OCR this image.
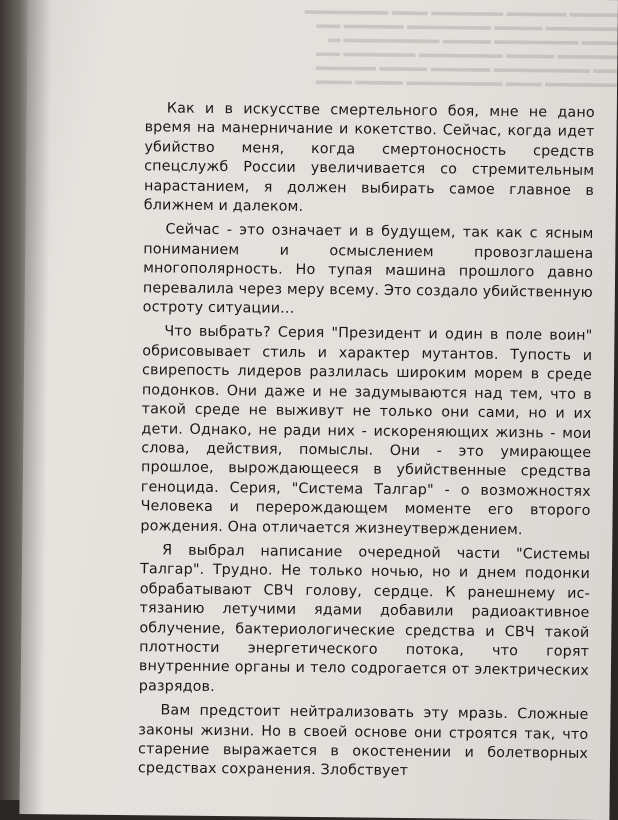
▬▬▬▬ ▬▬▬▬▬ ▬▬▬▬▬▬ ▬▬▬ ▬▬▬▬▬▬▬
▬▬▬▬▬▬ ▬▬▬▬ ▬▬▬▬▬▬▬ ▬▬▬▬▬ ▬▬
▬▬▬ ▬▬▬▬▬▬▬ ▬▬▬▬ ▬▬▬▬▬▬▬▬ ▬
▬▬▬▬▬ ▬▬▬▬ ▬▬▬▬▬▬▬ ▬▬▬▬▬▬ ▬▬
▬▬ ▬▬▬▬▬▬▬▬ ▬▬▬▬▬ ▬▬▬▬ ▬▬▬▬▬
▬▬▬▬▬▬ ▬▬▬ ▬▬▬▬▬▬▬▬ ▬▬▬▬ ▬▬▬

Как и в искусстве смертельного боя, мне не дано время на манерничание и кокетство. Сейчас, когда идет убийство меня, когда смертоносность средств спецслужб России увеличивается со стремительным нарастанием, я должен выбирать самое главное в ближнем и далеком.

Сейчас - это означает и в будущем, так как с ясным пониманием и осмыслением провозглашена многополярность. Но тупая машина прошлого давно перевалила через меру всему. Это создало убийственную остроту ситуации...

Что выбрать? Серия "Президент и один в поле воин" обрисовывает стиль и характер мутантов. Тупость и свирепость лидеров разлилась широким морем в среде подонков. Они даже и не задумываются над тем, что в такой среде не выживут не только они сами, но и их дети. Однако, не ради них - искореняющих жизнь - мои слова, действия, помыслы. Они - это умирающее прошлое, вырождающееся в убийственные средства геноцида. Серия, "Система Талгар" - о возможностях Человека и перерождающем моменте его второго рождения. Она отличается жизнеутверждением.

Я выбрал написание очередной части "Системы Талгар". Трудно. Не только ночью, но и днем подонки обрабатывают СВЧ голову, сердце. К ранешнему истязанию летучими ядами добавили радиоактивное облучение, бактериологические средства и СВЧ такой плотности энергетического потока, что горят внутренние органы и тело содрогается от электрических разрядов.

Вам предстоит нейтрализовать эту мразь. Сложные законы жизни. Но в своей основе они строятся так, что старение выражается в окостенении и болетворных средствах сохранения. Злобствует
